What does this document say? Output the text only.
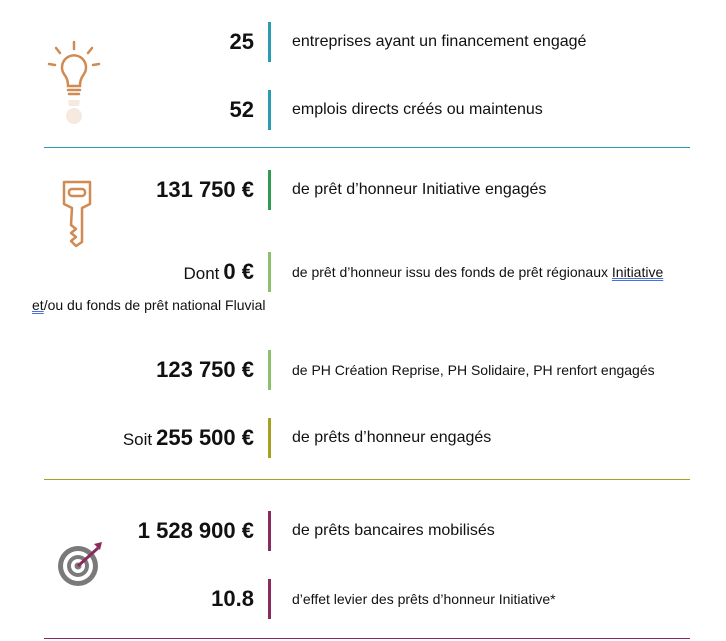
25 entreprises ayant un financement engagé
52 emplois directs créés ou maintenus
131 750 € de prêt d’honneur Initiative engagés
Dont 0 €	de prêt d’honneur issu des fonds de prêt régionaux Initiative
et/ou du fonds de prêt national Fluvial
123 750 €	de PH Création Reprise, PH Solidaire, PH renfort engagés
Soit 255 500 € de prêts d’honneur engagés
1 528 900 € de prêts bancaires mobilisés
10.8	d’effet levier des prêts d’honneur Initiative*
